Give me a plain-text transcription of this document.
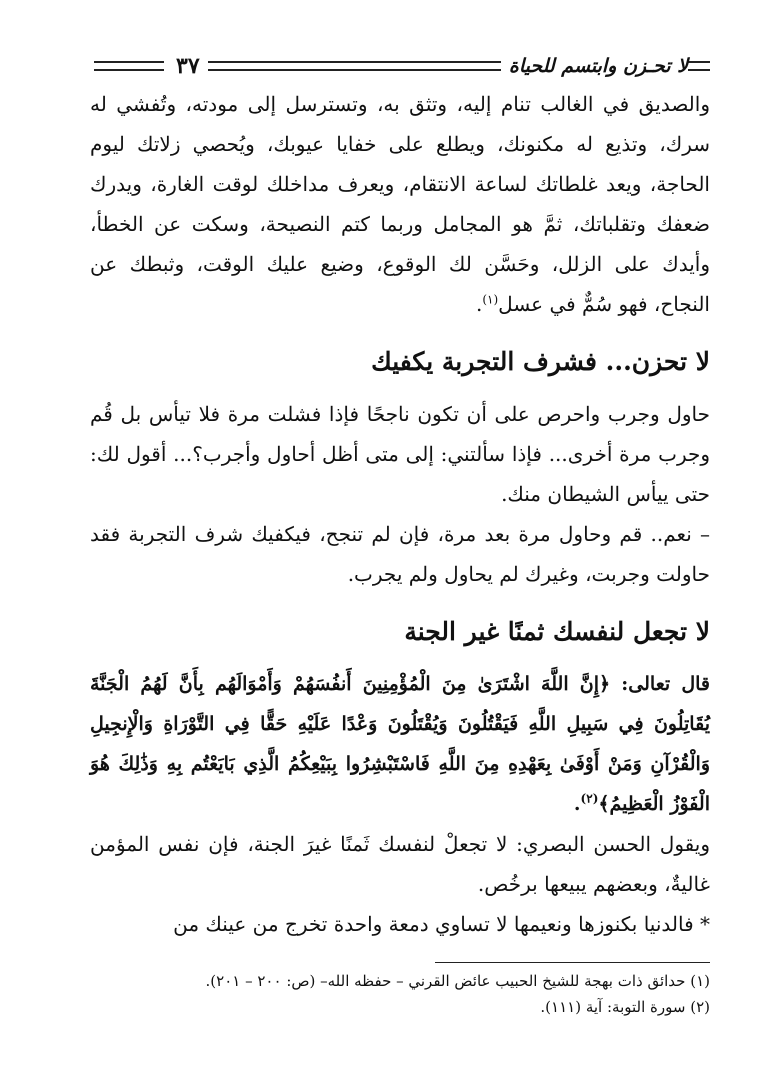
لا تحـزن وابتسم للحياة
٣٧

والصديق في الغالب تنام إليه، وتثق به، وتسترسل إلى مودته، وتُفشي له سرك، وتذيع له مكنونك، ويطلع على خفايا عيوبك، ويُحصي زلاتك ليوم الحاجة، ويعد غلطاتك لساعة الانتقام، ويعرف مداخلك لوقت الغارة، ويدرك ضعفك وتقلباتك، ثمَّ هو المجامل وربما كتم النصيحة، وسكت عن الخطأ، وأيدك على الزلل، وحَسَّن لك الوقوع، وضيع عليك الوقت، وثبطك عن النجاح، فهو سُمٌّ في عسل$^{(١)}$.

لا تحزن... فشرف التجربة يكفيك

حاول وجرب واحرص على أن تكون ناجحًا فإذا فشلت مرة فلا تيأس بل قُم وجرب مرة أخرى... فإذا سألتني: إلى متى أظل أحاول وأجرب؟... أقول لك: حتى ييأس الشيطان منك.

– نعم.. قم وحاول مرة بعد مرة، فإن لم تنجح، فيكفيك شرف التجربة فقد حاولت وجربت، وغيرك لم يحاول ولم يجرب.

لا تجعل لنفسك ثمنًا غير الجنة

قال تعالى: ﴿إِنَّ اللَّهَ اشْتَرَىٰ مِنَ الْمُؤْمِنِينَ أَنفُسَهُمْ وَأَمْوَالَهُم بِأَنَّ لَهُمُ الْجَنَّةَ يُقَاتِلُونَ فِي سَبِيلِ اللَّهِ فَيَقْتُلُونَ وَيُقْتَلُونَ وَعْدًا عَلَيْهِ حَقًّا فِي التَّوْرَاةِ وَالْإِنجِيلِ وَالْقُرْآنِ وَمَنْ أَوْفَىٰ بِعَهْدِهِ مِنَ اللَّهِ فَاسْتَبْشِرُوا بِبَيْعِكُمُ الَّذِي بَايَعْتُم بِهِ وَذَٰلِكَ هُوَ الْفَوْزُ الْعَظِيمُ﴾$^{(٢)}$.

ويقول الحسن البصري: لا تجعلْ لنفسك ثَمنًا غيرَ الجنة، فإن نفس المؤمن غاليةٌ، وبعضهم يبيعها برخُص.

* فالدنيا بكنوزها ونعيمها لا تساوي دمعة واحدة تخرج من عينك من

(١) حدائق ذات بهجة للشيخ الحبيب عائض القرني – حفظه الله– (ص: ٢٠٠ – ٢٠١).
(٢) سورة التوبة: آية (١١١).
